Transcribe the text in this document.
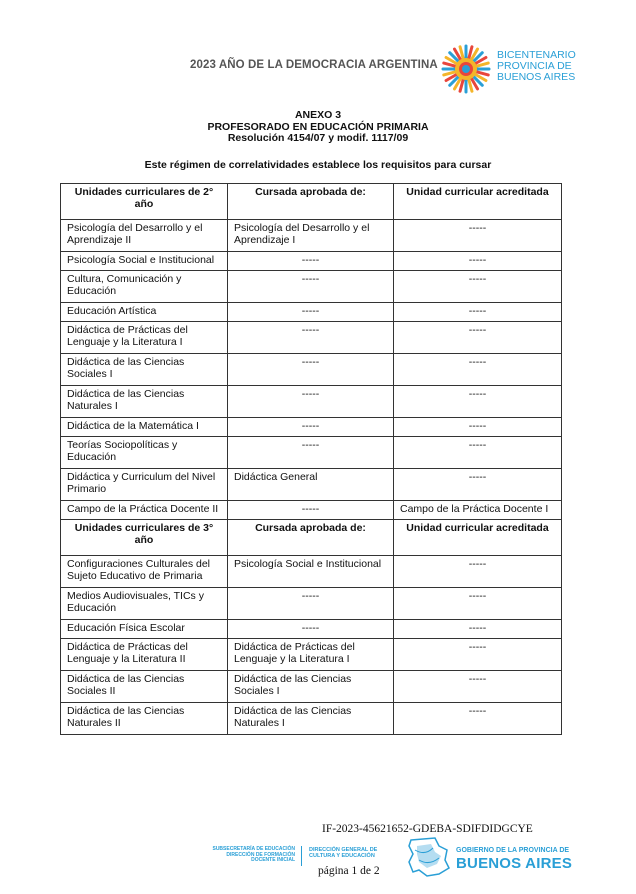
2023 AÑO DE LA DEMOCRACIA ARGENTINA
BICENTENARIO
PROVINCIA DE
BUENOS AIRES
ANEXO 3
PROFESORADO EN EDUCACIÓN PRIMARIA
Resolución 4154/07 y modif. 1117/09
Este régimen de correlatividades establece los requisitos para cursar
Unidades curriculares de 2° año	Cursada aprobada de:	Unidad curricular acreditada
Psicología del Desarrollo y el Aprendizaje II	Psicología del Desarrollo y el Aprendizaje I	-----
Psicología Social e Institucional	-----	-----
Cultura, Comunicación y Educación	-----	-----
Educación Artística	-----	-----
Didáctica de Prácticas del Lenguaje y la Literatura I	-----	-----
Didáctica de las Ciencias Sociales I	-----	-----
Didáctica de las Ciencias Naturales I	-----	-----
Didáctica de la Matemática I	-----	-----
Teorías Sociopolíticas y Educación	-----	-----
Didáctica y Curriculum del Nivel Primario	Didáctica General	-----
Campo de la Práctica Docente II	-----	Campo de la Práctica Docente I
Unidades curriculares de 3° año	Cursada aprobada de:	Unidad curricular acreditada
Configuraciones Culturales del Sujeto Educativo de Primaria	Psicología Social e Institucional	-----
Medios Audiovisuales, TICs y Educación	-----	-----
Educación Física Escolar	-----	-----
Didáctica de Prácticas del Lenguaje y la Literatura II	Didáctica de Prácticas del Lenguaje y la Literatura I	-----
Didáctica de las Ciencias Sociales II	Didáctica de las Ciencias Sociales I	-----
Didáctica de las Ciencias Naturales II	Didáctica de las Ciencias Naturales I	-----
IF-2023-45621652-GDEBA-SDIFDIDGCYE
SUBSECRETARÍA DE EDUCACIÓN
DIRECCIÓN DE FORMACIÓN
DOCENTE INICIAL
DIRECCIÓN GENERAL DE
CULTURA Y EDUCACIÓN
GOBIERNO DE LA PROVINCIA DE
BUENOS AIRES
página 1 de 2
